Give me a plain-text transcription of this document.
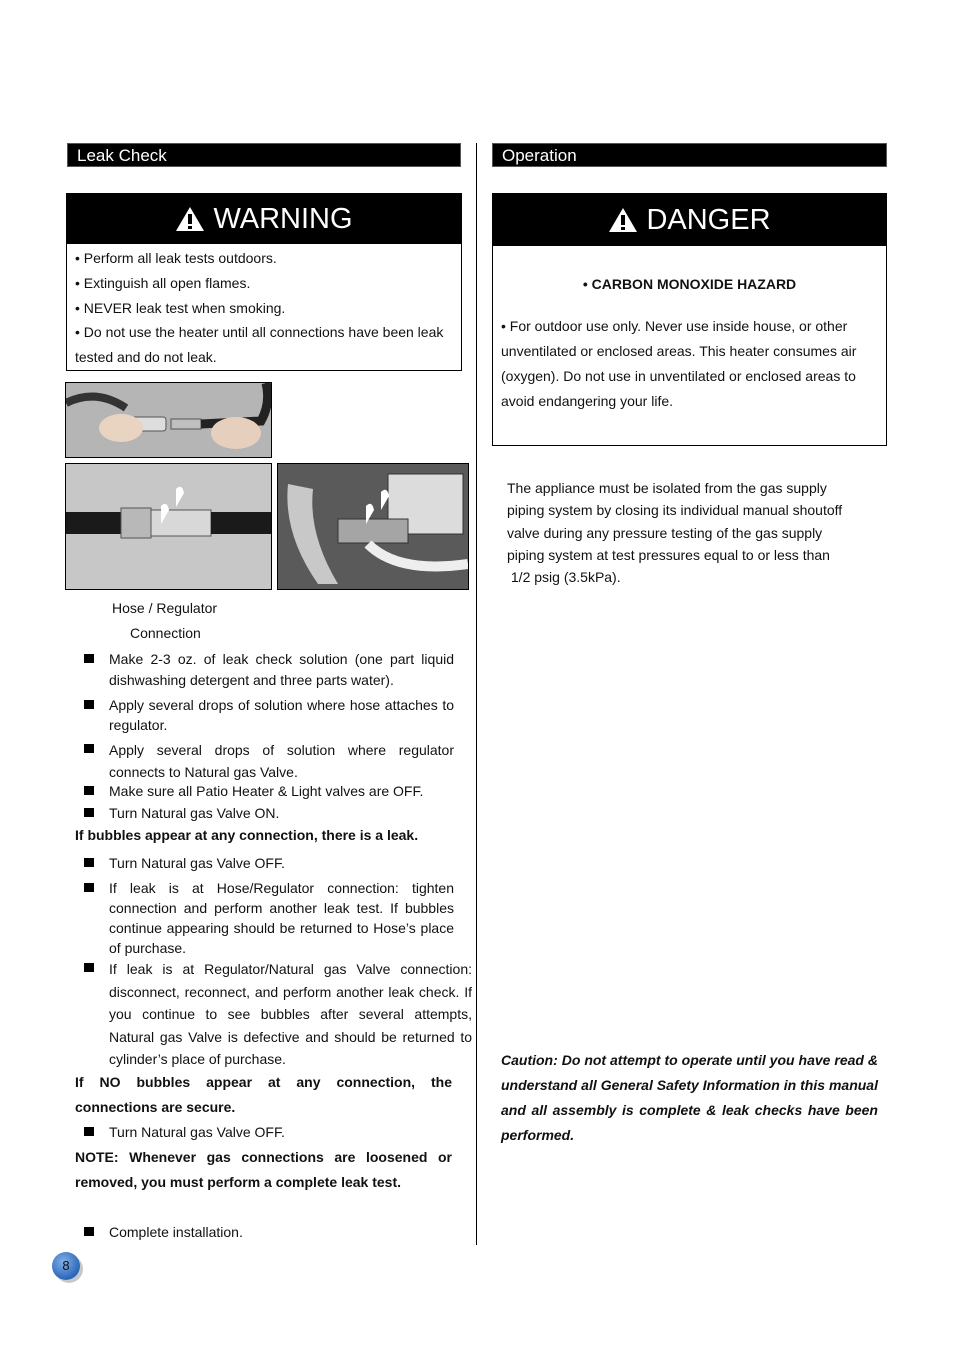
Leak Check
WARNING
• Perform all leak tests outdoors.
• Extinguish all open flames.
• NEVER leak test when smoking.
• Do not use the heater until all connections have been leak tested and do not leak.
Hose / Regulator
Connection
Make 2-3 oz. of leak check solution (one part liquid dishwashing detergent and three parts water).
Apply several drops of solution where hose attaches to regulator.
Apply several drops of solution where regulator connects to Natural gas Valve.
Make sure all Patio Heater & Light valves are OFF.
Turn Natural gas Valve ON.
If bubbles appear at any connection, there is a leak.
Turn Natural gas Valve OFF.
If leak is at Hose/Regulator connection: tighten connection and perform another leak test. If bubbles continue appearing should be returned to Hose’s place of purchase.
If leak is at Regulator/Natural gas Valve connection: disconnect, reconnect, and perform another leak check. If you continue to see bubbles after several attempts, Natural gas Valve is defective and should be returned to cylinder’s place of purchase.
If NO bubbles appear at any connection, the connections are secure.
Turn Natural gas Valve OFF.
NOTE: Whenever gas connections are loosened or removed, you must perform a complete leak test.
Complete installation.
Operation
DANGER
• CARBON MONOXIDE HAZARD
• For outdoor use only. Never use inside house, or other unventilated or enclosed areas. This heater consumes air (oxygen). Do not use in unventilated or enclosed areas to avoid endangering your life.
The appliance must be isolated from the gas supply
piping system by closing its individual manual shoutoff
valve during any pressure testing of the gas supply
piping system at test pressures equal to or less than
1/2 psig (3.5kPa).
Caution: Do not attempt to operate until you have read & understand all General Safety Information in this manual and all assembly is complete & leak checks have been performed.
8
